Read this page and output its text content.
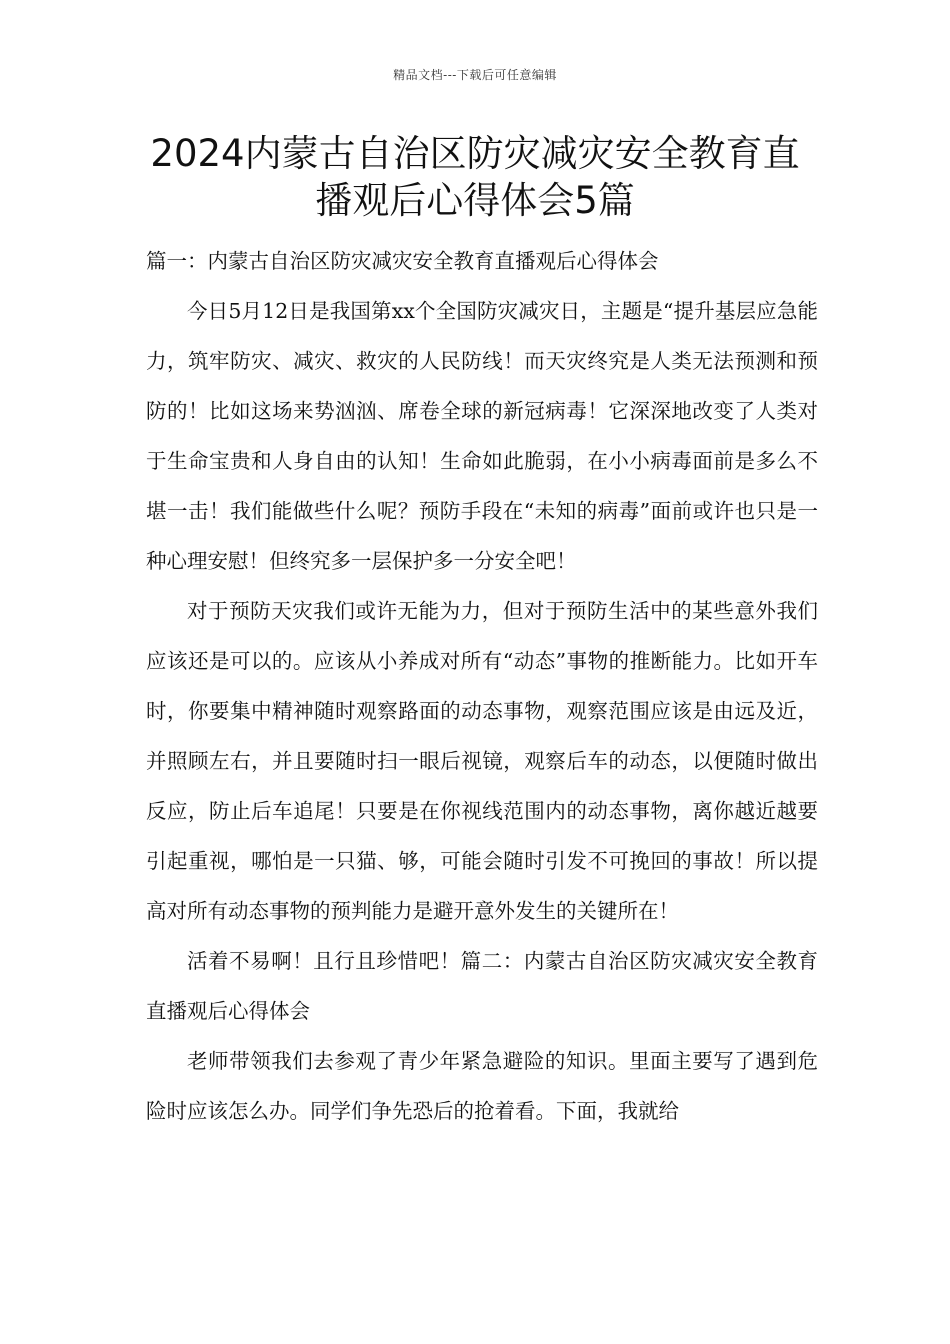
精品文档---下载后可任意编辑
2024内蒙古自治区防灾减灾安全教育直
播观后心得体会5篇

篇一：内蒙古自治区防灾减灾安全教育直播观后心得体会

今日5月12日是我国第xx个全国防灾减灾日，主题是“提升基层应急能力，筑牢防灾、减灾、救灾的人民防线！而天灾终究是人类无法预测和预防的！比如这场来势汹汹、席卷全球的新冠病毒！它深深地改变了人类对于生命宝贵和人身自由的认知！生命如此脆弱，在小小病毒面前是多么不堪一击！我们能做些什么呢？预防手段在“未知的病毒”面前或许也只是一种心理安慰！但终究多一层保护多一分安全吧！

对于预防天灾我们或许无能为力，但对于预防生活中的某些意外我们应该还是可以的。应该从小养成对所有“动态”事物的推断能力。比如开车时，你要集中精神随时观察路面的动态事物，观察范围应该是由远及近，并照顾左右，并且要随时扫一眼后视镜，观察后车的动态，以便随时做出反应，防止后车追尾！只要是在你视线范围内的动态事物，离你越近越要引起重视，哪怕是一只猫、够，可能会随时引发不可挽回的事故！所以提高对所有动态事物的预判能力是避开意外发生的关键所在！

活着不易啊！且行且珍惜吧！篇二：内蒙古自治区防灾减灾安全教育直播观后心得体会

老师带领我们去参观了青少年紧急避险的知识。里面主要写了遇到危险时应该怎么办。同学们争先恐后的抢着看。下面，我就给
